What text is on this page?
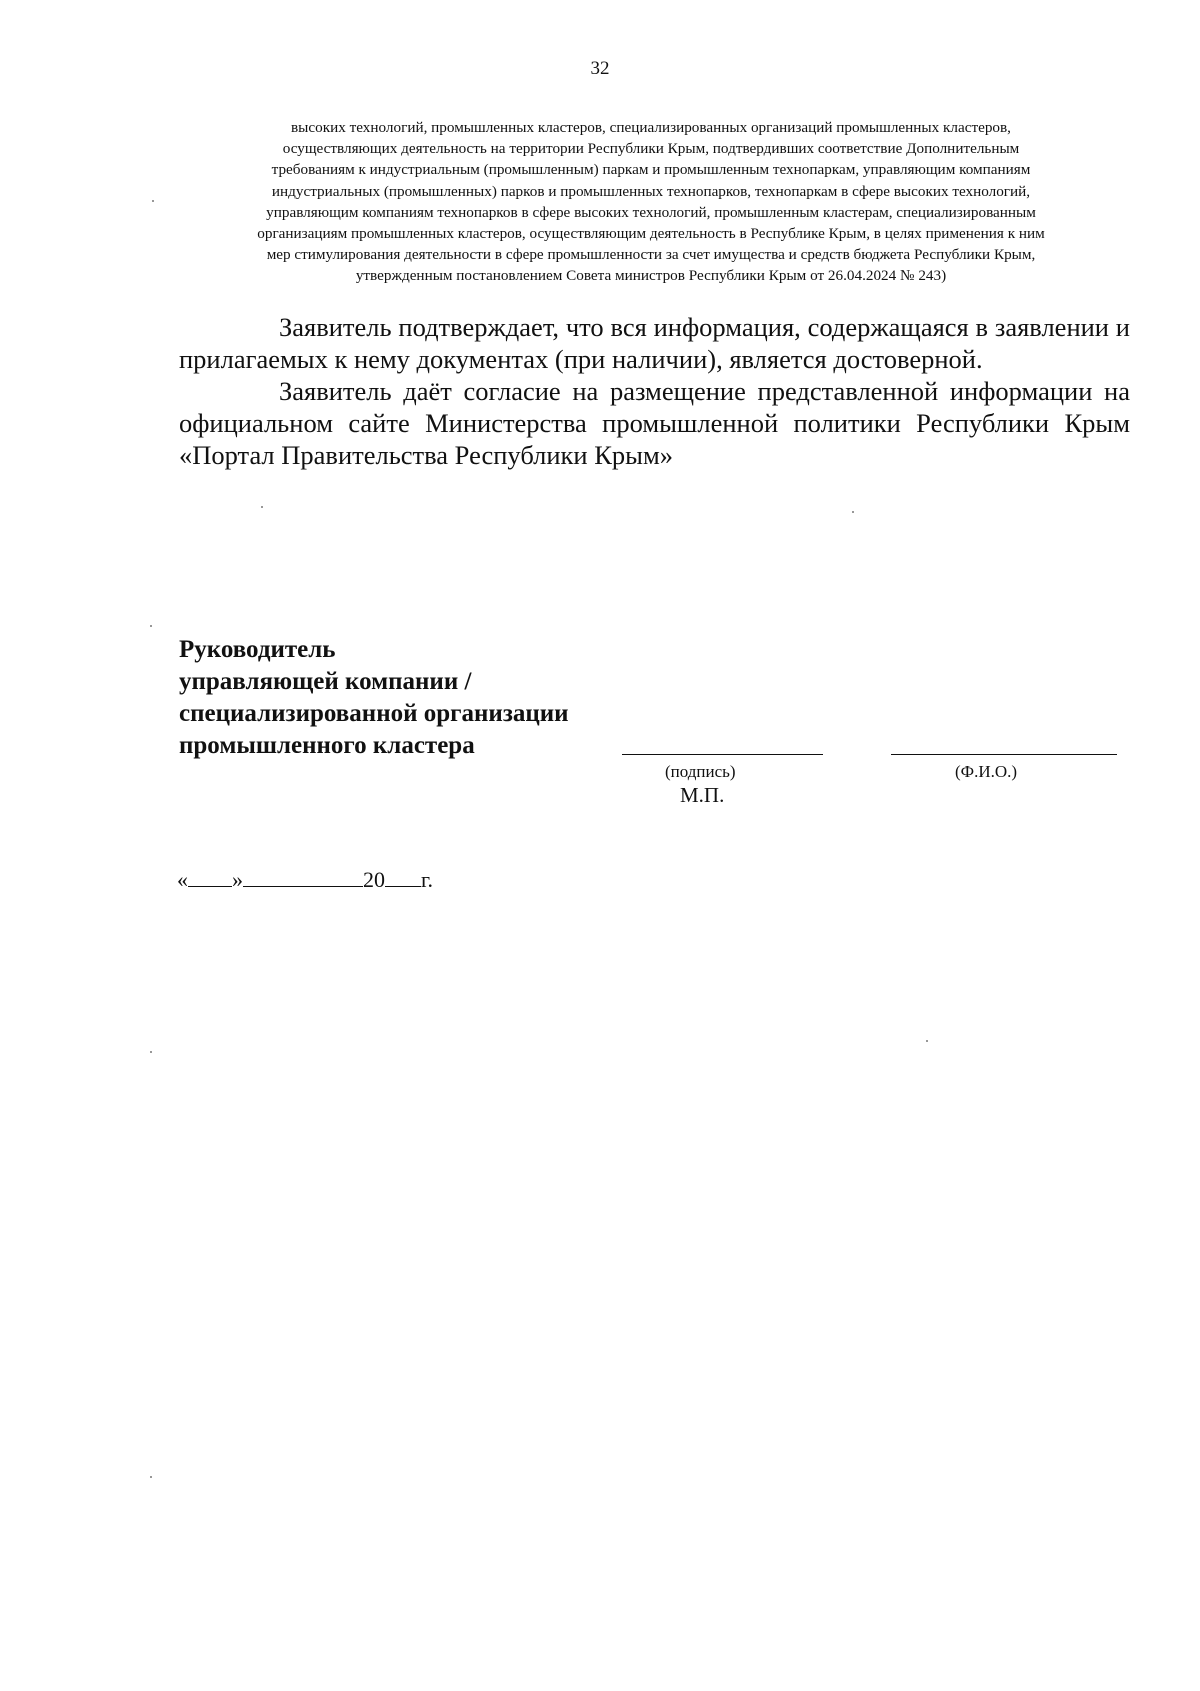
32
высоких технологий, промышленных кластеров, специализированных организаций промышленных кластеров,
осуществляющих деятельность на территории Республики Крым, подтвердивших соответствие Дополнительным
требованиям к индустриальным (промышленным) паркам и промышленным технопаркам, управляющим компаниям
индустриальных (промышленных) парков и промышленных технопарков, технопаркам в сфере высоких технологий,
управляющим компаниям технопарков в сфере высоких технологий, промышленным кластерам, специализированным
организациям промышленных кластеров, осуществляющим деятельность в Республике Крым, в целях применения к ним
мер стимулирования деятельности в сфере промышленности за счет имущества и средств бюджета Республики Крым,
утвержденным постановлением Совета министров Республики Крым от 26.04.2024 № 243)

Заявитель подтверждает, что вся информация, содержащаяся в заявлении и прилагаемых к нему документах (при наличии), является достоверной.

Заявитель даёт согласие на размещение представленной информации на официальном сайте Министерства промышленной политики Республики Крым «Портал Правительства Республики Крым»

Руководитель
управляющей компании /
специализированной организации
промышленного кластера
(подпись)	(Ф.И.О.)
М.П.
« »	20 г.
